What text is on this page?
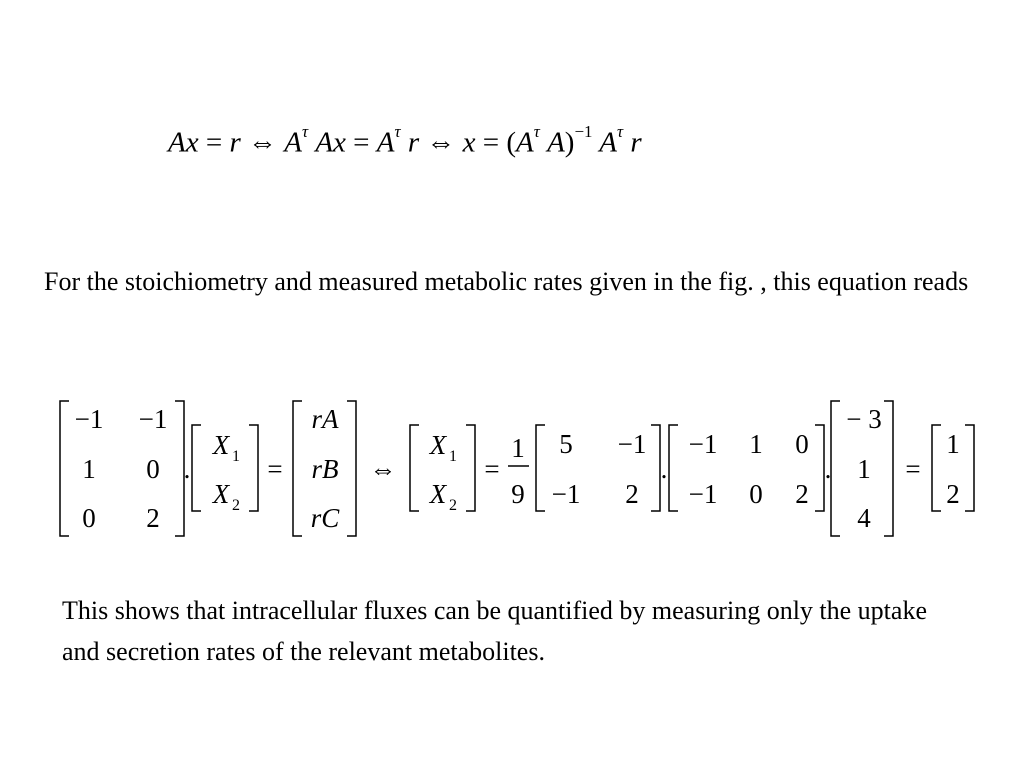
Ax = r ⇔ $A^\tau$ $Ax = A^\tau$ r ⇔ $x = (A^\tau$ A)$^{-1}$ $A^\tau$ r
For the stoichiometry and measured metabolic rates given in the fig. , this equation reads
−1 −1
1 0
0 2
.
X 1
X 2
=
rA
rB
rC
⇔
X 1
X 2
=
1
9
5 −1
−1 2
.
−1 1 0
−1 0 2
.
− 3
1
4
=
1
2
This shows that intracellular fluxes can be quantified by measuring only the uptake and secretion rates of the relevant metabolites.
